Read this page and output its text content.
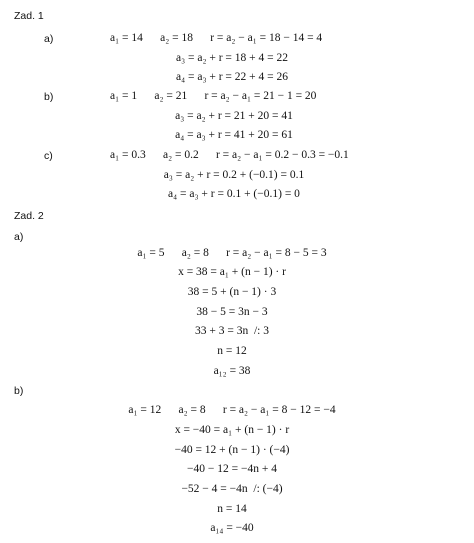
Zad. 1
a)	a₁ = 14      a₂ = 18      r = a₂ − a₁ = 18 − 14 = 4
a₃ = a₂ + r = 18 + 4 = 22
a₄ = a₃ + r = 22 + 4 = 26
b)	a₁ = 1      a₂ = 21      r = a₂ − a₁ = 21 − 1 = 20
a₃ = a₂ + r = 21 + 20 = 41
a₄ = a₃ + r = 41 + 20 = 61
c)	a₁ = 0.3      a₂ = 0.2      r = a₂ − a₁ = 0.2 − 0.3 = −0.1
a₃ = a₂ + r = 0.2 + (−0.1) = 0.1
a₄ = a₃ + r = 0.1 + (−0.1) = 0
Zad. 2
a)
a₁ = 5      a₂ = 8      r = a₂ − a₁ = 8 − 5 = 3
x = 38 = a₁ + (n − 1) · r
38 = 5 + (n − 1) · 3
38 − 5 = 3n − 3
33 + 3 = 3n  /: 3
n = 12
a₁₂ = 38
b)
a₁ = 12      a₂ = 8      r = a₂ − a₁ = 8 − 12 = −4
x = −40 = a₁ + (n − 1) · r
−40 = 12 + (n − 1) · (−4)
−40 − 12 = −4n + 4
−52 − 4 = −4n  /: (−4)
n = 14
a₁₄ = −40
